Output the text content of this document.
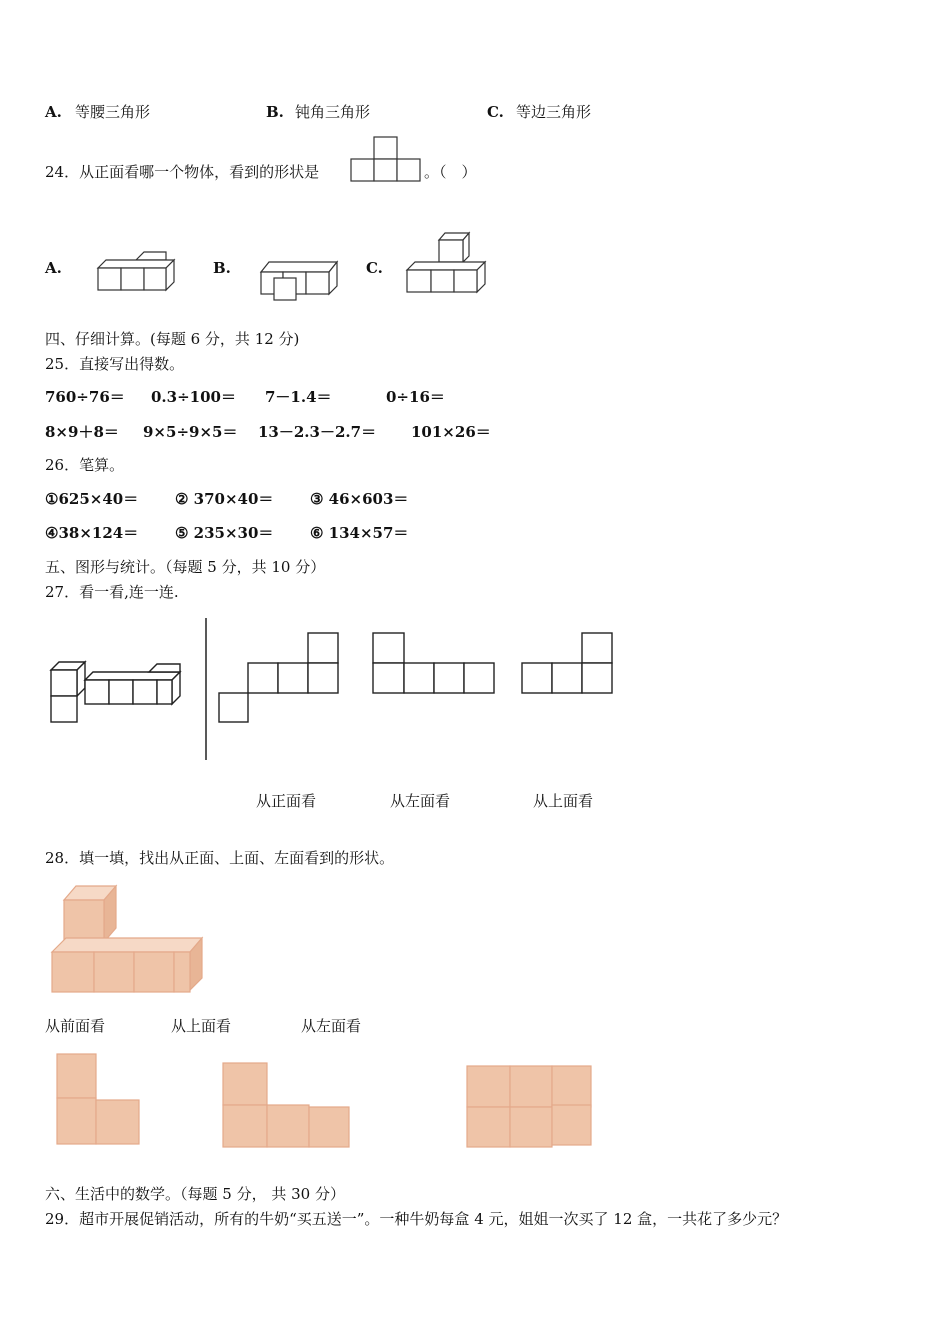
A. 等腰三角形	B. 钝角三角形	C. 等边三角形
24．从正面看哪一个物体，看到的形状是	。（　）
A.	B.	C.
四、仔细计算。(每题 6 分，共 12 分)
25．直接写出得数。
760÷76＝ 0.3÷100＝ 7－1.4＝	0÷16＝
8×9＋8＝ 9×5÷9×5＝ 13－2.3－2.7＝ 101×26＝
26．笔算。
①625×40＝ ② 370×40＝ ③ 46×603＝
④38×124＝ ⑤ 235×30＝ ⑥ 134×57＝
五、图形与统计。（每题 5 分，共 10 分）
27．看一看,连一连.
从正面看	从左面看	从上面看
28．填一填，找出从正面、上面、左面看到的形状。
从前面看	从上面看	从左面看
六、生活中的数学。（每题 5 分， 共 30 分）
29．超市开展促销活动，所有的牛奶“买五送一”。一种牛奶每盒 4 元，姐姐一次买了 12 盒，一共花了多少元？
